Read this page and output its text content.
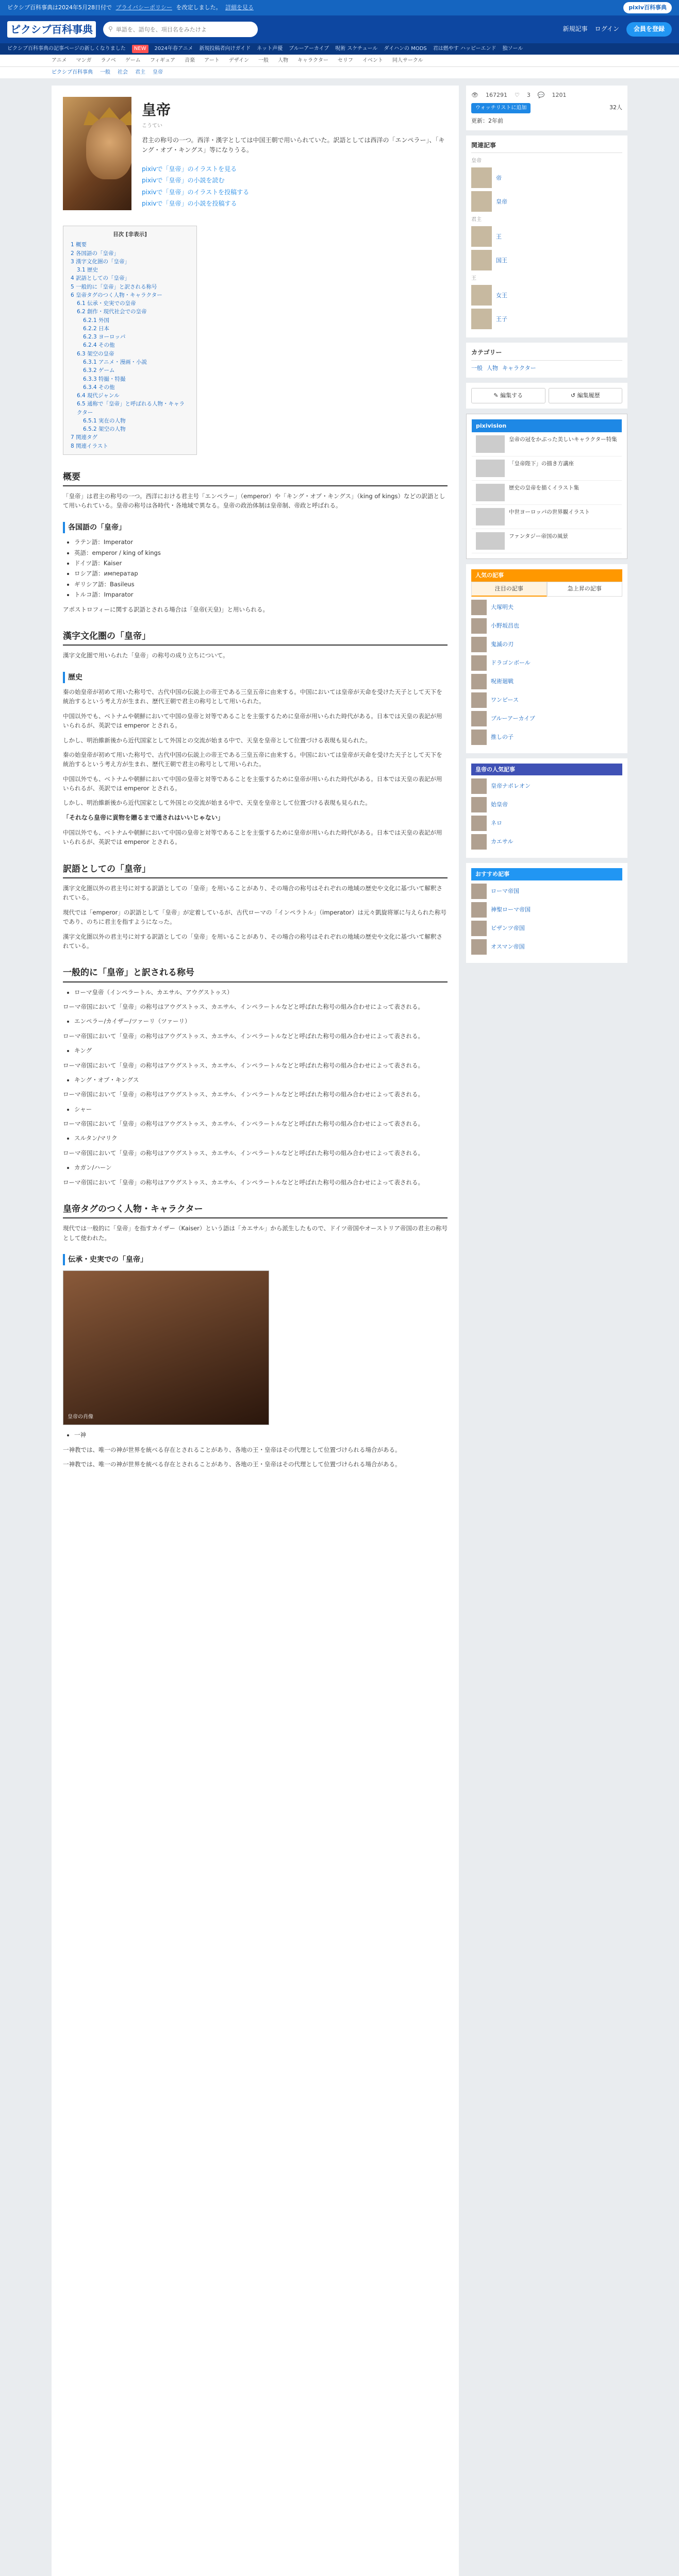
ピクシブ百科事典は2024年5月28日付で プライバシーポリシー を改定しました。 詳細を見る	pixiv百科事典
ピクシブ百科事典	⚲
単語を、語句を、項目名をみたけよ	新規記事 ログイン	会員を登録
ピクシブ百科事典の記事ページの新しくなりました	NEW	2024年春アニメ 新規投稿者向けガイド ネット声優 ブルーアーカイブ 呪術 スケチュール ダイハンの MODS 君は燃やす ハッピーエンド 独ソール
アニメ マンガ ラノベ ゲーム フィギュア 音楽 アート デザイン 一般 人物 キャラクター セリフ イベント 同人サークル
ピクシブ百科事典 一般 社会 君主 皇帝
皇帝
こうてい
君主の称号の一つ。西洋・漢字としては中国王朝で用いられていた。訳語としては西洋の「エンペラー」、「キング・オブ・キングス」等になりうる。
pixivで「皇帝」のイラストを見る
pixivで「皇帝」の小説を読む
pixivで「皇帝」のイラストを投稿する
pixivで「皇帝」の小説を投稿する
目次 [非表示]
1 概要
2 各国語の「皇帝」
3 漢字文化圏の「皇帝」
3.1 歴史
4 訳語としての「皇帝」
5 一般的に「皇帝」と訳される称号
6 皇帝タグのつく人物・キャラクター
6.1 伝承・史実での皇帝
6.2 創作・現代社会での皇帝
6.2.1 外国
6.2.2 日本
6.2.3 ヨーロッパ
6.2.4 その他
6.3 架空の皇帝
6.3.1 アニメ・漫画・小説
6.3.2 ゲーム
6.3.3 特撮・特撮
6.3.4 その他
6.4 現代ジャンル
6.5 通称で「皇帝」と呼ばれる人物・キャラクター
6.5.1 実在の人物
6.5.2 架空の人物
7 関連タグ
8 関連イラスト
概要

「皇帝」は君主の称号の一つ。西洋における君主号「エンペラー」（emperor）や「キング・オブ・キングス」（king of kings）などの訳語として用いられている。皇帝の称号は各時代・各地域で異なる。皇帝の政治体制は皇帝制、帝政と呼ばれる。

各国語の「皇帝」
• ラテン語：Imperator
• 英語：emperor / king of kings
• ドイツ語：Kaiser
• ロシア語：императар
• ギリシア語：Basileus
• トルコ語：Imparator

アポストロフィーに関する訳語とされる場合は「皇帝(天皇)」と用いられる。

漢字文化圏の「皇帝」

漢字文化圏で用いられた「皇帝」の称号の成り立ちについて。

歴史

秦の始皇帝が初めて用いた称号で、古代中国の伝説上の帝王である三皇五帝に由来する。中国においては皇帝が天命を受けた天子として天下を統治するという考え方が生まれ、歴代王朝で君主の称号として用いられた。

中国以外でも、ベトナムや朝鮮において中国の皇帝と対等であることを主張するために皇帝が用いられた時代がある。日本では天皇の表記が用いられるが、英訳では emperor とされる。

しかし、明治維新後から近代国家として外国との交流が始まる中で、天皇を皇帝として位置づける表現も見られた。

秦の始皇帝が初めて用いた称号で、古代中国の伝説上の帝王である三皇五帝に由来する。中国においては皇帝が天命を受けた天子として天下を統治するという考え方が生まれ、歴代王朝で君主の称号として用いられた。

中国以外でも、ベトナムや朝鮮において中国の皇帝と対等であることを主張するために皇帝が用いられた時代がある。日本では天皇の表記が用いられるが、英訳では emperor とされる。

しかし、明治維新後から近代国家として外国との交流が始まる中で、天皇を皇帝として位置づける表現も見られた。

「それなら皇帝に貢物を贈るまで通されはいいじゃない」

中国以外でも、ベトナムや朝鮮において中国の皇帝と対等であることを主張するために皇帝が用いられた時代がある。日本では天皇の表記が用いられるが、英訳では emperor とされる。

訳語としての「皇帝」

漢字文化圏以外の君主号に対する訳語としての「皇帝」を用いることがあり、その場合の称号はそれぞれの地域の歴史や文化に基づいて解釈されている。

現代では「emperor」の訳語として「皇帝」が定着しているが、古代ローマの「インペラトル」（imperator）は元々凱旋将軍に与えられた称号であり、のちに君主を指すようになった。

漢字文化圏以外の君主号に対する訳語としての「皇帝」を用いることがあり、その場合の称号はそれぞれの地域の歴史や文化に基づいて解釈されている。

一般的に「皇帝」と訳される称号
• ローマ皇帝（インペラートル、カエサル、アウグストゥス）

ローマ帝国において「皇帝」の称号はアウグストゥス、カエサル、インペラートルなどと呼ばれた称号の組み合わせによって表される。

• エンペラー/カイザー/ツァーリ（ツァーリ）

ローマ帝国において「皇帝」の称号はアウグストゥス、カエサル、インペラートルなどと呼ばれた称号の組み合わせによって表される。

• キング

ローマ帝国において「皇帝」の称号はアウグストゥス、カエサル、インペラートルなどと呼ばれた称号の組み合わせによって表される。

• キング・オブ・キングス

ローマ帝国において「皇帝」の称号はアウグストゥス、カエサル、インペラートルなどと呼ばれた称号の組み合わせによって表される。

• シャー

ローマ帝国において「皇帝」の称号はアウグストゥス、カエサル、インペラートルなどと呼ばれた称号の組み合わせによって表される。

• スルタン/マリク

ローマ帝国において「皇帝」の称号はアウグストゥス、カエサル、インペラートルなどと呼ばれた称号の組み合わせによって表される。

• カガン/ハーン

ローマ帝国において「皇帝」の称号はアウグストゥス、カエサル、インペラートルなどと呼ばれた称号の組み合わせによって表される。

皇帝タグのつく人物・キャラクター

現代では一般的に「皇帝」を指すカイザー（Kaiser）という語は「カエサル」から派生したもので、ドイツ帝国やオーストリア帝国の君主の称号として使われた。

伝承・史実での「皇帝」
皇帝の肖像
• 一神

一神教では、唯一の神が世界を統べる存在とされることがあり、各地の王・皇帝はその代理として位置づけられる場合がある。

一神教では、唯一の神が世界を統べる存在とされることがあり、各地の王・皇帝はその代理として位置づけられる場合がある。

👁 167291 ♡ 3 💬 1201
ウォッチリストに追加	32人
更新：2年前
関連記事
皇帝
帝
皇帝
君主
王
国王
王
女王
王子
カテゴリー
一般 人物 キャラクター
✎ 編集する	↺ 編集履歴
pixivision
皇帝の冠をかぶった美しいキャラクター特集
「皇帝陛下」の描き方講座
歴史の皇帝を描くイラスト集
中世ヨーロッパの世界観イラスト
ファンタジー帝国の風景
人気の記事
注目の記事	急上昇の記事
大塚明夫
小野坂昌也
鬼滅の刃
ドラゴンボール
呪術廻戦
ワンピース
ブルーアーカイブ
推しの子
皇帝の人気記事
皇帝ナポレオン
始皇帝
ネロ
カエサル
おすすめ記事
ローマ帝国
神聖ローマ帝国
ビザンツ帝国
オスマン帝国
